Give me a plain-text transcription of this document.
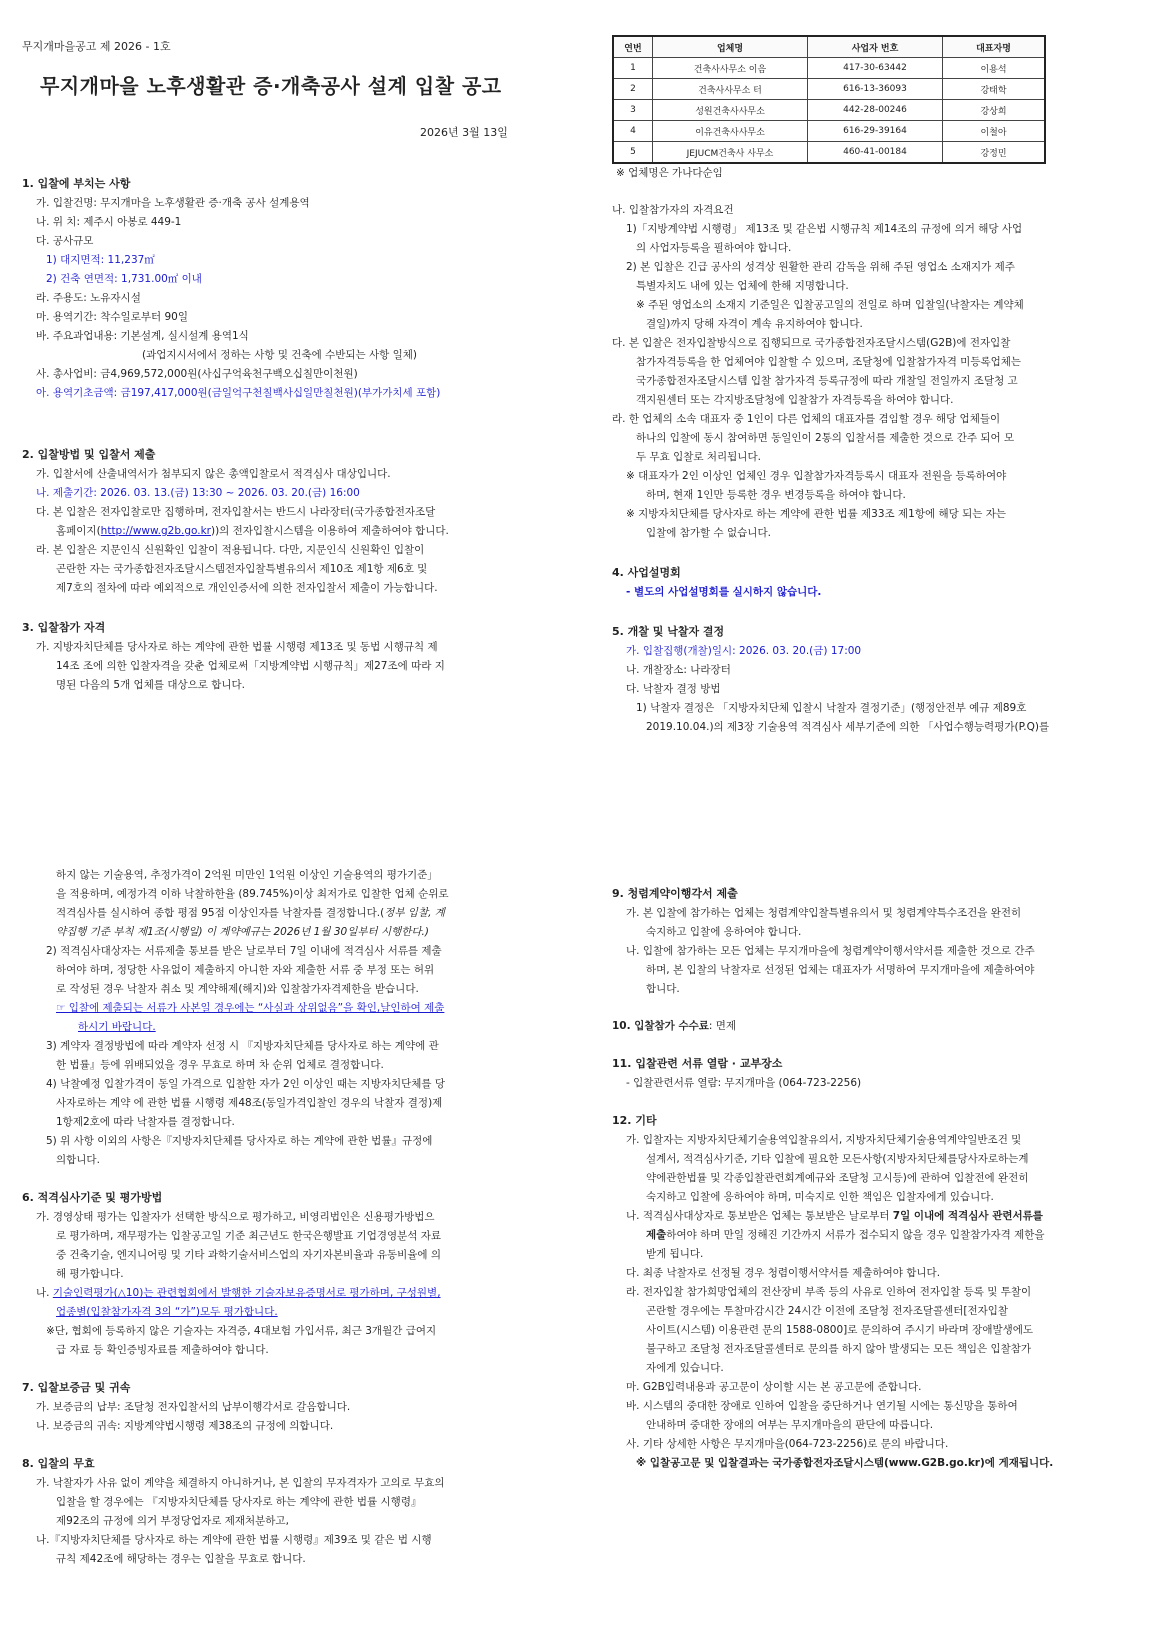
무지개마을공고 제 2026 - 1호
무지개마을 노후생활관 증·개축공사 설계 입찰 공고
2026년 3월 13일
1. 입찰에 부치는 사항
가. 입찰건명: 무지개마을 노후생활관 증·개축 공사 설계용역
나. 위 치: 제주시 아봉로 449-1
다. 공사규모
1) 대지면적: 11,237㎡
2) 건축 연면적: 1,731.00㎡ 이내
라. 주용도: 노유자시설
마. 용역기간: 착수일로부터 90일
바. 주요과업내용: 기본설계, 실시설계 용역1식
(과업지시서에서 정하는 사항 및 건축에 수반되는 사항 일체)
사. 총사업비: 금4,969,572,000원(사십구억육천구백오십칠만이천원)
아. 용역기초금액: 금197,417,000원(금일억구천칠백사십일만칠천원)(부가가치세 포함)
2. 입찰방법 및 입찰서 제출
가. 입찰서에 산출내역서가 첨부되지 않은 총액입찰로서 적격심사 대상입니다.
나. 제출기간: 2026. 03. 13.(금) 13:30 ~ 2026. 03. 20.(금) 16:00
다. 본 입찰은 전자입찰로만 집행하며, 전자입찰서는 반드시 나라장터(국가종합전자조달
홈페이지(http://www.g2b.go.kr))의 전자입찰시스템을 이용하여 제출하여야 합니다.
라. 본 입찰은 지문인식 신원확인 입찰이 적용됩니다. 다만, 지문인식 신원확인 입찰이
곤란한 자는 국가종합전자조달시스템전자입찰특별유의서 제10조 제1항 제6호 및
제7호의 절차에 따라 예외적으로 개인인증서에 의한 전자입찰서 제출이 가능합니다.
3. 입찰참가 자격
가. 지방자치단체를 당사자로 하는 계약에 관한 법률 시행령 제13조 및 동법 시행규칙 제
14조 조에 의한 입찰자격을 갖춘 업체로써「지방계약법 시행규칙」제27조에 따라 지
명된 다음의 5개 업체를 대상으로 합니다.
연번	업체명	사업자 번호	대표자명
1	건축사사무소 이음	417-30-63442	이용석
2	건축사사무소 터	616-13-36093	강태학
3	성원건축사사무소	442-28-00246	강상희
4	이유건축사사무소	616-29-39164	이철아
5	JEJUCM건축사 사무소	460-41-00184	강정민
※ 업체명은 가나다순임
나. 입찰참가자의 자격요건
1)「지방계약법 시행령」 제13조 및 같은법 시행규칙 제14조의 규정에 의거 해당 사업
의 사업자등록을 필하여야 합니다.
2) 본 입찰은 긴급 공사의 성격상 원활한 관리 감독을 위해 주된 영업소 소재지가 제주
특별자치도 내에 있는 업체에 한해 지명합니다.
※ 주된 영업소의 소재지 기준일은 입찰공고일의 전일로 하며 입찰일(낙찰자는 계약체
결일)까지 당해 자격이 계속 유지하여야 합니다.
다. 본 입찰은 전자입찰방식으로 집행되므로 국가종합전자조달시스템(G2B)에 전자입찰
참가자격등록을 한 업체여야 입찰할 수 있으며, 조달청에 입찰참가자격 미등록업체는
국가종합전자조달시스템 입찰 참가자격 등록규정에 따라 개찰일 전일까지 조달청 고
객지원센터 또는 각지방조달청에 입찰참가 자격등록을 하여야 합니다.
라. 한 업체의 소속 대표자 중 1인이 다른 업체의 대표자를 겸임할 경우 해당 업체들이
하나의 입찰에 동시 참여하면 동일인이 2통의 입찰서를 제출한 것으로 간주 되어 모
두 무효 입찰로 처리됩니다.
※ 대표자가 2인 이상인 업체인 경우 입찰참가자격등록시 대표자 전원을 등록하여야
하며, 현재 1인만 등록한 경우 변경등록을 하여야 합니다.
※ 지방자치단체를 당사자로 하는 계약에 관한 법률 제33조 제1항에 해당 되는 자는
입찰에 참가할 수 없습니다.
4. 사업설명회
- 별도의 사업설명회를 실시하지 않습니다.
5. 개찰 및 낙찰자 결정
가. 입찰집행(개찰)일시: 2026. 03. 20.(금) 17:00
나. 개찰장소: 나라장터
다. 낙찰자 결정 방법
1) 낙찰자 결정은 「지방자치단체 입찰시 낙찰자 결정기준」(행정안전부 예규 제89호
2019.10.04.)의 제3장 기술용역 적격심사 세부기준에 의한 「사업수행능력평가(P.Q)를
하지 않는 기술용역, 추정가격이 2억원 미만인 1억원 이상인 기술용역의 평가기준」
을 적용하며, 예정가격 이하 낙찰하한율 (89.745%)이상 최저가로 입찰한 업체 순위로
적격심사를 실시하여 종합 평점 95점 이상인자를 낙찰자를 결정합니다.(정부 입찰, 계
약집행 기준 부칙 제1조(시행일) 이 계약예규는 2026년 1월 30일부터 시행한다.)
2) 적격심사대상자는 서류제출 통보를 받은 날로부터 7일 이내에 적격심사 서류를 제출
하여야 하며, 정당한 사유없이 제출하지 아니한 자와 제출한 서류 중 부정 또는 허위
로 작성된 경우 낙찰자 취소 및 계약해제(해지)와 입찰참가자격제한을 받습니다.
☞ 입찰에 제출되는 서류가 사본일 경우에는 “사실과 상위없음”을 확인,날인하여 제출
하시기 바랍니다.
3) 계약자 결정방법에 따라 계약자 선정 시 『지방자치단체를 당사자로 하는 계약에 관
한 법률』등에 위배되었을 경우 무효로 하며 차 순위 업체로 결정합니다.
4) 낙찰예정 입찰가격이 동일 가격으로 입찰한 자가 2인 이상인 때는 지방자치단체를 당
사자로하는 계약 에 관한 법률 시행령 제48조(동일가격입찰인 경우의 낙찰자 결정)제
1항제2호에 따라 낙찰자를 결정합니다.
5) 위 사항 이외의 사항은『지방자치단체를 당사자로 하는 계약에 관한 법률』규정에
의합니다.
6. 적격심사기준 및 평가방법
가. 경영상태 평가는 입찰자가 선택한 방식으로 평가하고, 비영리법인은 신용평가방법으
로 평가하며, 재무평가는 입찰공고일 기준 최근년도 한국은행발표 기업경영분석 자료
중 건축기술, 엔지니어링 및 기타 과학기술서비스업의 자기자본비율과 유동비율에 의
해 평가합니다.
나. 기술인력평가(△10)는 관련협회에서 발행한 기술자보유증명서로 평가하며, 구성원별,
업종별(입찰참가자격 3의 “가”)모두 평가합니다.
※단, 협회에 등록하지 않은 기술자는 자격증, 4대보험 가입서류, 최근 3개월간 급여지
급 자료 등 확인증빙자료를 제출하여야 합니다.
7. 입찰보증금 및 귀속
가. 보증금의 납부: 조달청 전자입찰서의 납부이행각서로 갈음합니다.
나. 보증금의 귀속: 지방계약법시행령 제38조의 규정에 의합니다.
8. 입찰의 무효
가. 낙찰자가 사유 없이 계약을 체결하지 아니하거나, 본 입찰의 무자격자가 고의로 무효의
입찰을 할 경우에는 『지방자치단체를 당사자로 하는 계약에 관한 법률 시행령』
제92조의 규정에 의거 부정당업자로 제재처분하고,
나.『지방자치단체를 당사자로 하는 계약에 관한 법률 시행령』제39조 및 같은 법 시행
규칙 제42조에 해당하는 경우는 입찰을 무효로 합니다.
9. 청렴계약이행각서 제출
가. 본 입찰에 참가하는 업체는 청렴계약입찰특별유의서 및 청렴계약특수조건을 완전히
숙지하고 입찰에 응하여야 합니다.
나. 입찰에 참가하는 모든 업체는 무지개마을에 청렴계약이행서약서를 제출한 것으로 간주
하며, 본 입찰의 낙찰자로 선정된 업체는 대표자가 서명하여 무지개마을에 제출하여야
합니다.
10. 입찰참가 수수료: 면제
11. 입찰관련 서류 열람 · 교부장소
- 입찰관련서류 열람: 무지개마을 (064-723-2256)
12. 기타
가. 입찰자는 지방자치단체기술용역입찰유의서, 지방자치단체기술용역계약일반조건 및
설계서, 적격심사기준, 기타 입찰에 필요한 모든사항(지방자치단체를당사자로하는계
약에관한법률 및 각종입찰관련회계예규와 조달청 고시등)에 관하여 입찰전에 완전히
숙지하고 입찰에 응하여야 하며, 미숙지로 인한 책임은 입찰자에게 있습니다.
나. 적격심사대상자로 통보받은 업체는 통보받은 날로부터 7일 이내에 적격심사 관련서류를
제출하여야 하며 만일 정해진 기간까지 서류가 접수되지 않을 경우 입찰참가자격 제한을
받게 됩니다.
다. 최종 낙찰자로 선정될 경우 청렴이행서약서를 제출하여야 합니다.
라. 전자입찰 참가희망업체의 전산장비 부족 등의 사유로 인하여 전자입찰 등록 및 투찰이
곤란할 경우에는 투찰마감시간 24시간 이전에 조달청 전자조달콜센터[전자입찰
사이트(시스템) 이용관련 문의 1588-0800]로 문의하여 주시기 바라며 장애발생에도
불구하고 조달청 전자조달콜센터로 문의를 하지 않아 발생되는 모든 책임은 입찰참가
자에게 있습니다.
마. G2B입력내용과 공고문이 상이할 시는 본 공고문에 준합니다.
바. 시스템의 중대한 장애로 인하여 입찰을 중단하거나 연기될 시에는 통신망을 통하여
안내하며 중대한 장애의 여부는 무지개마을의 판단에 따릅니다.
사. 기타 상세한 사항은 무지개마을(064-723-2256)로 문의 바랍니다.
※ 입찰공고문 및 입찰결과는 국가종합전자조달시스템(www.G2B.go.kr)에 게재됩니다.
